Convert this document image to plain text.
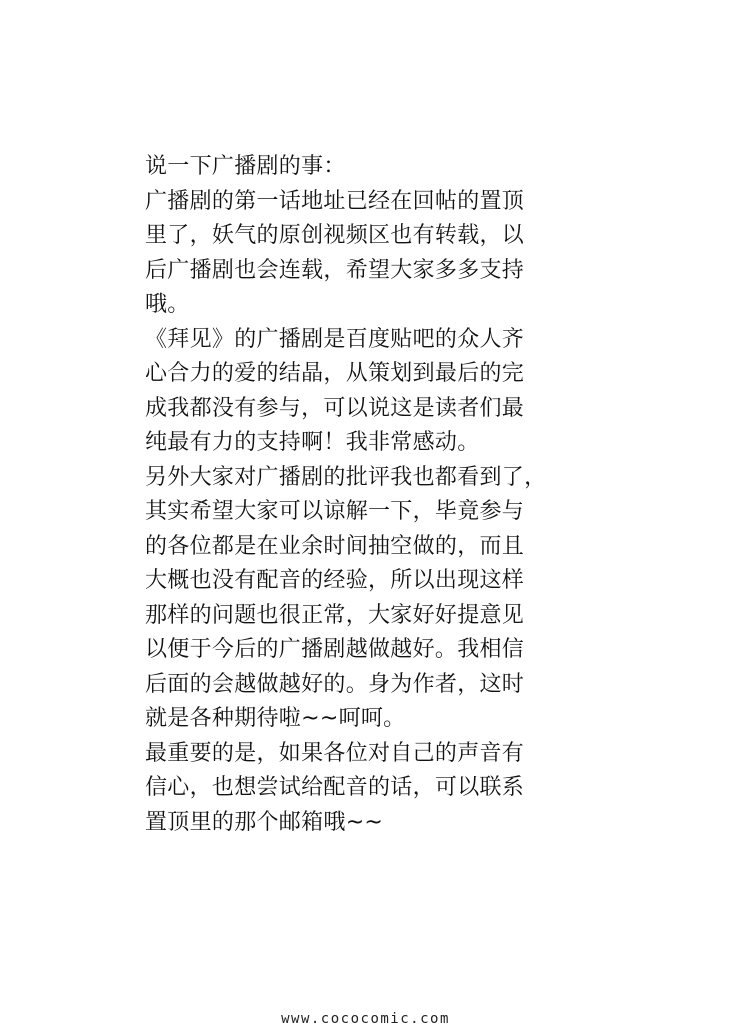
说一下广播剧的事：
广播剧的第一话地址已经在回帖的置顶
里了，妖气的原创视频区也有转载，以
后广播剧也会连载，希望大家多多支持
哦。
《拜见》的广播剧是百度贴吧的众人齐
心合力的爱的结晶，从策划到最后的完
成我都没有参与，可以说这是读者们最
纯最有力的支持啊！我非常感动。
另外大家对广播剧的批评我也都看到了，
其实希望大家可以谅解一下，毕竟参与
的各位都是在业余时间抽空做的，而且
大概也没有配音的经验，所以出现这样
那样的问题也很正常，大家好好提意见
以便于今后的广播剧越做越好。我相信
后面的会越做越好的。身为作者，这时
就是各种期待啦~~呵呵。
最重要的是，如果各位对自己的声音有
信心，也想尝试给配音的话，可以联系
置顶里的那个邮箱哦~~
www.cococomic.com
